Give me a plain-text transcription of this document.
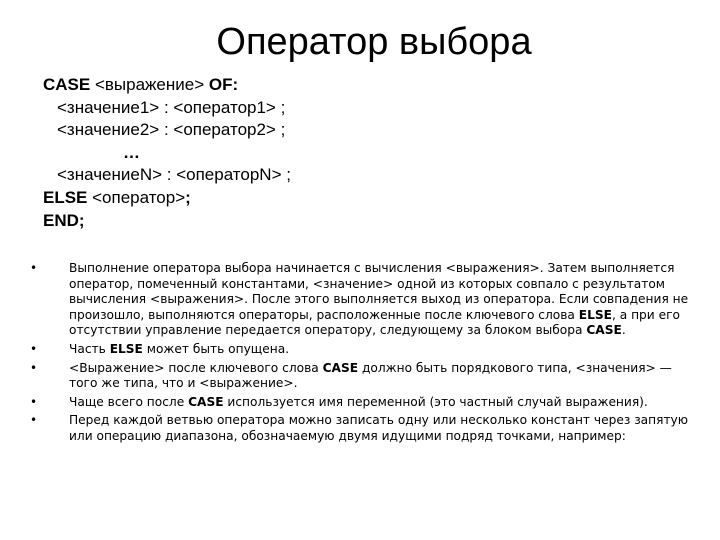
Оператор выбора
CASE <выражение> OF:
<значение1> : <оператор1> ;
<значение2> : <оператор2> ;
…
<значениеN> : <операторN> ;
ELSE <оператор>;
END;
•	Выполнение оператора выбора начинается с вычисления <выражения>. Затем выполняется оператор, помеченный константами, <значение> одной из которых совпало с результатом вычисления <выражения>. После этого выполняется выход из оператора. Если совпадения не произошло, выполняются операторы, расположенные после ключевого слова ELSE, а при его отсутствии управление передается оператору, следующему за блоком выбора CASE.
•	Часть ELSE может быть опущена.
•	<Выражение> после ключевого слова CASE должно быть порядкового типа, <значения> — того же типа, что и <выражение>.
•	Чаще всего после CASE используется имя переменной (это частный случай выражения).
•	Перед каждой ветвью оператора можно записать одну или несколько констант через запятую или операцию диапазона, обозначаемую двумя идущими подряд точками, например:
